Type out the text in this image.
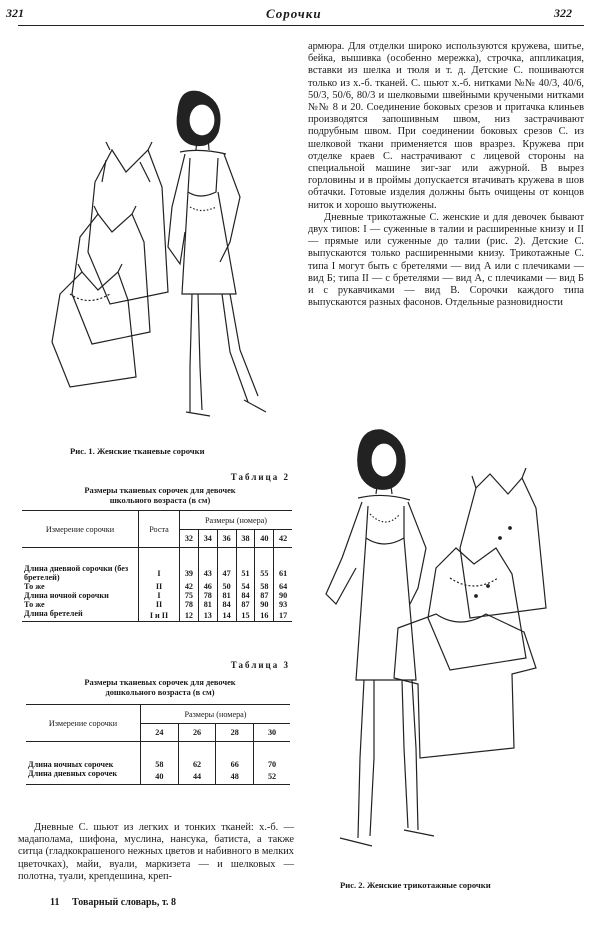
321	Сорочки	322
Рис. 1. Женские тканевые сорочки

армюра. Для отделки широко используются кружева, шитье, бейка, вышивка (особенно мережка), строчка, аппликация, вставки из шелка и тюля и т. д. Детские С. пошиваются только из х.-б. тканей. С. шьют х.-б. нитками №№ 40/3, 40/6, 50/3, 50/6, 80/3 и шелковыми швейными кручеными нитками №№ 8 и 20. Соединение боковых срезов и притачка клиньев производятся запошивным швом, низ застрачивают подрубным швом. При соединении боковых срезов С. из шелковой ткани применяется шов вразрез. Кружева при отделке краев С. настрачивают с лицевой стороны на специальной машине зиг-заг или ажурной. В вырез горловины и в проймы допускается втачивать кружева в шов обтачки. Готовые изделия должны быть очищены от концов ниток и хорошо выутюжены.

Дневные трикотажные С. женские и для девочек бывают двух типов: I — суженные в талии и расширенные книзу и II — прямые или суженные до талии (рис. 2). Детские С. выпускаются только расширенными книзу. Трикотажные С. типа I могут быть с бретелями — вид А или с плечиками — вид Б; типа II — с бретелями — вид А, с плечиками — вид Б и с рукавчиками — вид В. Сорочки каждого типа выпускаются разных фасонов. Отдельные разновидности

Таблица 2
Размеры тканевых сорочек для девочек
школьного возраста (в см)
Измерение сорочки	Роста	Размеры (номера)					
		32	34	36	38	40	42
Длина дневной сорочки (без бретелей)	I	39	43	47	51	55	61
То же	II	42	46	50	54	58	64
Длина ночной сорочки	I	75	78	81	84	87	90
То же	II	78	81	84	87	90	93
Длина бретелей	I и II	12	13	14	15	16	17
Таблица 3
Размеры тканевых сорочек для девочек
дошкольного возраста (в см)
Измерение сорочки	Размеры (номера)			
	24	26	28	30
Длина ночных сорочек	58	62	66	70
Длина дневных сорочек	40	44	48	52

Дневные С. шьют из легких и тонких тканей: х.-б. — мадаполама, шифона, муслина, нансука, батиста, а также ситца (гладкокрашеного нежных цветов и набивного в мелких цветочках), майи, вуали, маркизета — и шелковых — полотна, туали, крепдешина, креп-

Рис. 2. Женские трикотажные сорочки
11 Товарный словарь, т. 8
